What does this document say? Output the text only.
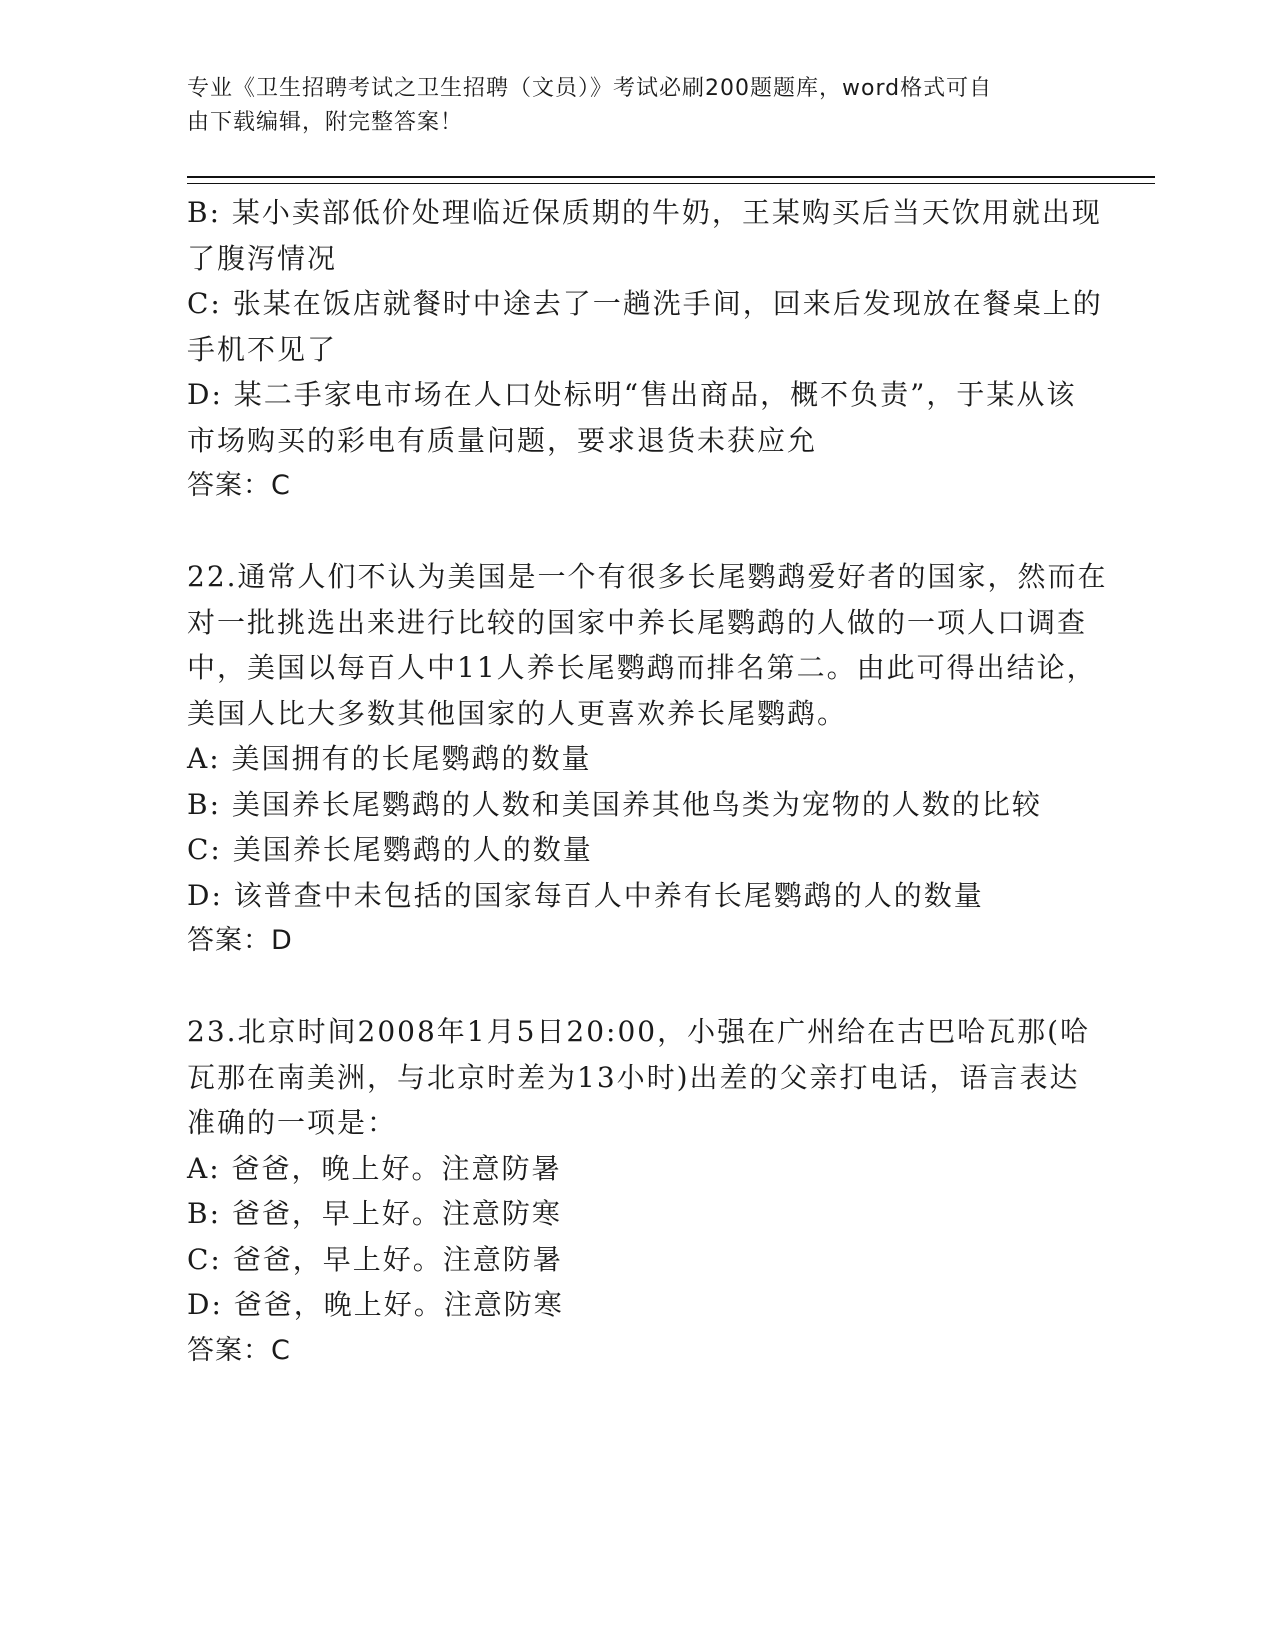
专业《卫生招聘考试之卫生招聘（文员）》考试必刷200题题库，word格式可自
由下载编辑，附完整答案！
B: 某小卖部低价处理临近保质期的牛奶，王某购买后当天饮用就出现
了腹泻情况
C: 张某在饭店就餐时中途去了一趟洗手间，回来后发现放在餐桌上的
手机不见了
D: 某二手家电市场在人口处标明“售出商品，概不负责”，于某从该
市场购买的彩电有质量问题，要求退货未获应允
答案：C
22.通常人们不认为美国是一个有很多长尾鹦鹉爱好者的国家，然而在
对一批挑选出来进行比较的国家中养长尾鹦鹉的人做的一项人口调查
中，美国以每百人中11人养长尾鹦鹉而排名第二。由此可得出结论，
美国人比大多数其他国家的人更喜欢养长尾鹦鹉。
A: 美国拥有的长尾鹦鹉的数量
B: 美国养长尾鹦鹉的人数和美国养其他鸟类为宠物的人数的比较
C: 美国养长尾鹦鹉的人的数量
D: 该普查中未包括的国家每百人中养有长尾鹦鹉的人的数量
答案：D
23.北京时间2008年1月5日20:00，小强在广州给在古巴哈瓦那(哈
瓦那在南美洲，与北京时差为13小时)出差的父亲打电话，语言表达
准确的一项是：
A: 爸爸，晚上好。注意防暑
B: 爸爸，早上好。注意防寒
C: 爸爸，早上好。注意防暑
D: 爸爸，晚上好。注意防寒
答案：C
